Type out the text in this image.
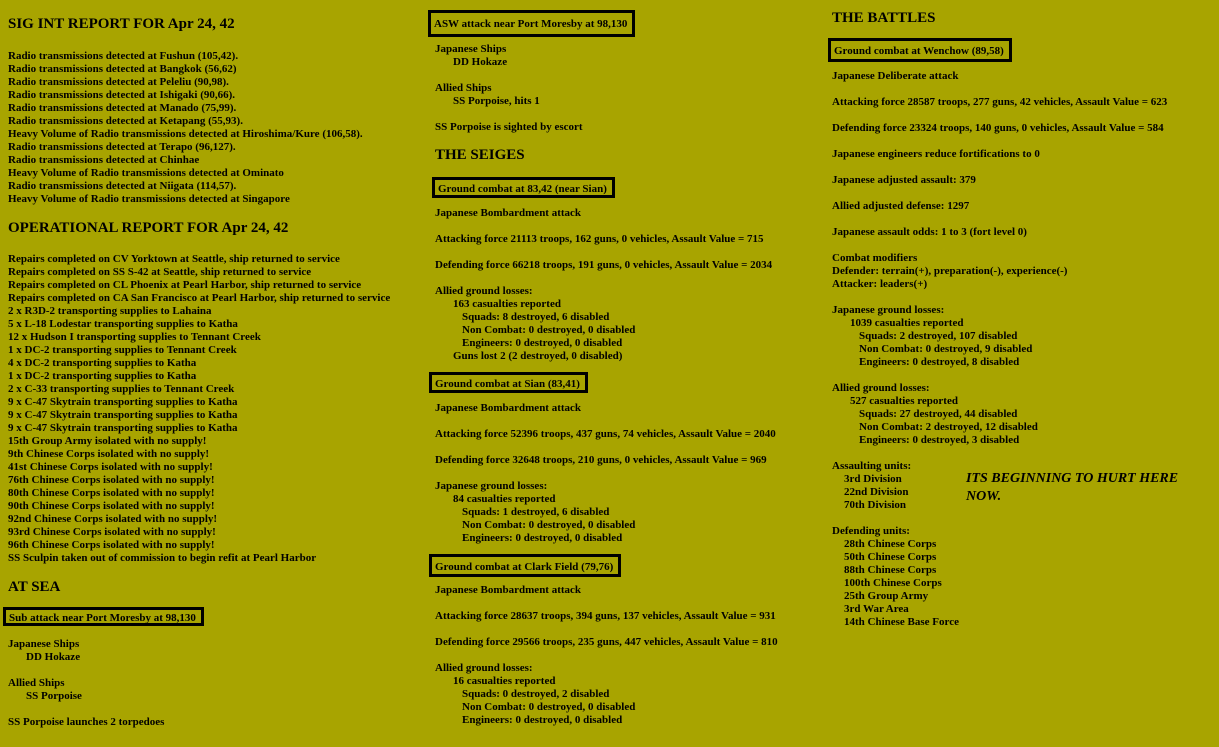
SIG INT REPORT FOR Apr 24, 42
Radio transmissions detected at Fushun (105,42).
Radio transmissions detected at Bangkok (56,62)
Radio transmissions detected at Peleliu (90,98).
Radio transmissions detected at Ishigaki (90,66).
Radio transmissions detected at Manado (75,99).
Radio transmissions detected at Ketapang (55,93).
Heavy Volume of Radio transmissions detected at Hiroshima/Kure (106,58).
Radio transmissions detected at Terapo (96,127).
Radio transmissions detected at Chinhae
Heavy Volume of Radio transmissions detected at Ominato
Radio transmissions detected at Niigata (114,57).
Heavy Volume of Radio transmissions detected at Singapore
OPERATIONAL REPORT FOR Apr 24, 42
Repairs completed on CV Yorktown at Seattle, ship returned to service
Repairs completed on SS S-42 at Seattle, ship returned to service
Repairs completed on CL Phoenix at Pearl Harbor, ship returned to service
Repairs completed on CA San Francisco at Pearl Harbor, ship returned to service
2 x R3D-2 transporting supplies to Lahaina
5 x L-18 Lodestar transporting supplies to Katha
12 x Hudson I transporting supplies to Tennant Creek
1 x DC-2 transporting supplies to Tennant Creek
4 x DC-2 transporting supplies to Katha
1 x DC-2 transporting supplies to Katha
2 x C-33 transporting supplies to Tennant Creek
9 x C-47 Skytrain transporting supplies to Katha
9 x C-47 Skytrain transporting supplies to Katha
9 x C-47 Skytrain transporting supplies to Katha
15th Group Army isolated with no supply!
9th Chinese Corps isolated with no supply!
41st Chinese Corps isolated with no supply!
76th Chinese Corps isolated with no supply!
80th Chinese Corps isolated with no supply!
90th Chinese Corps isolated with no supply!
92nd Chinese Corps isolated with no supply!
93rd Chinese Corps isolated with no supply!
96th Chinese Corps isolated with no supply!
SS Sculpin taken out of commission to begin refit at Pearl Harbor
AT SEA
Sub attack near Port Moresby at 98,130
Japanese Ships
DD Hokaze
Allied Ships
SS Porpoise
SS Porpoise launches 2 torpedoes
ASW attack near Port Moresby at 98,130
Japanese Ships
DD Hokaze
Allied Ships
SS Porpoise, hits 1
SS Porpoise is sighted by escort
THE SEIGES
Ground combat at 83,42 (near Sian)
Japanese Bombardment attack
Attacking force 21113 troops, 162 guns, 0 vehicles, Assault Value = 715
Defending force 66218 troops, 191 guns, 0 vehicles, Assault Value = 2034
Allied ground losses:
163 casualties reported
Squads: 8 destroyed, 6 disabled
Non Combat: 0 destroyed, 0 disabled
Engineers: 0 destroyed, 0 disabled
Guns lost 2 (2 destroyed, 0 disabled)
Ground combat at Sian (83,41)
Japanese Bombardment attack
Attacking force 52396 troops, 437 guns, 74 vehicles, Assault Value = 2040
Defending force 32648 troops, 210 guns, 0 vehicles, Assault Value = 969
Japanese ground losses:
84 casualties reported
Squads: 1 destroyed, 6 disabled
Non Combat: 0 destroyed, 0 disabled
Engineers: 0 destroyed, 0 disabled
Ground combat at Clark Field (79,76)
Japanese Bombardment attack
Attacking force 28637 troops, 394 guns, 137 vehicles, Assault Value = 931
Defending force 29566 troops, 235 guns, 447 vehicles, Assault Value = 810
Allied ground losses:
16 casualties reported
Squads: 0 destroyed, 2 disabled
Non Combat: 0 destroyed, 0 disabled
Engineers: 0 destroyed, 0 disabled
THE BATTLES
Ground combat at Wenchow (89,58)
Japanese Deliberate attack
Attacking force 28587 troops, 277 guns, 42 vehicles, Assault Value = 623
Defending force 23324 troops, 140 guns, 0 vehicles, Assault Value = 584
Japanese engineers reduce fortifications to 0
Japanese adjusted assault: 379
Allied adjusted defense: 1297
Japanese assault odds: 1 to 3 (fort level 0)
Combat modifiers
Defender: terrain(+), preparation(-), experience(-)
Attacker: leaders(+)
Japanese ground losses:
1039 casualties reported
Squads: 2 destroyed, 107 disabled
Non Combat: 0 destroyed, 9 disabled
Engineers: 0 destroyed, 8 disabled
Allied ground losses:
527 casualties reported
Squads: 27 destroyed, 44 disabled
Non Combat: 2 destroyed, 12 disabled
Engineers: 0 destroyed, 3 disabled
Assaulting units:
3rd Division
22nd Division
70th Division
ITS BEGINNING TO HURT HERE
NOW.
Defending units:
28th Chinese Corps
50th Chinese Corps
88th Chinese Corps
100th Chinese Corps
25th Group Army
3rd War Area
14th Chinese Base Force
